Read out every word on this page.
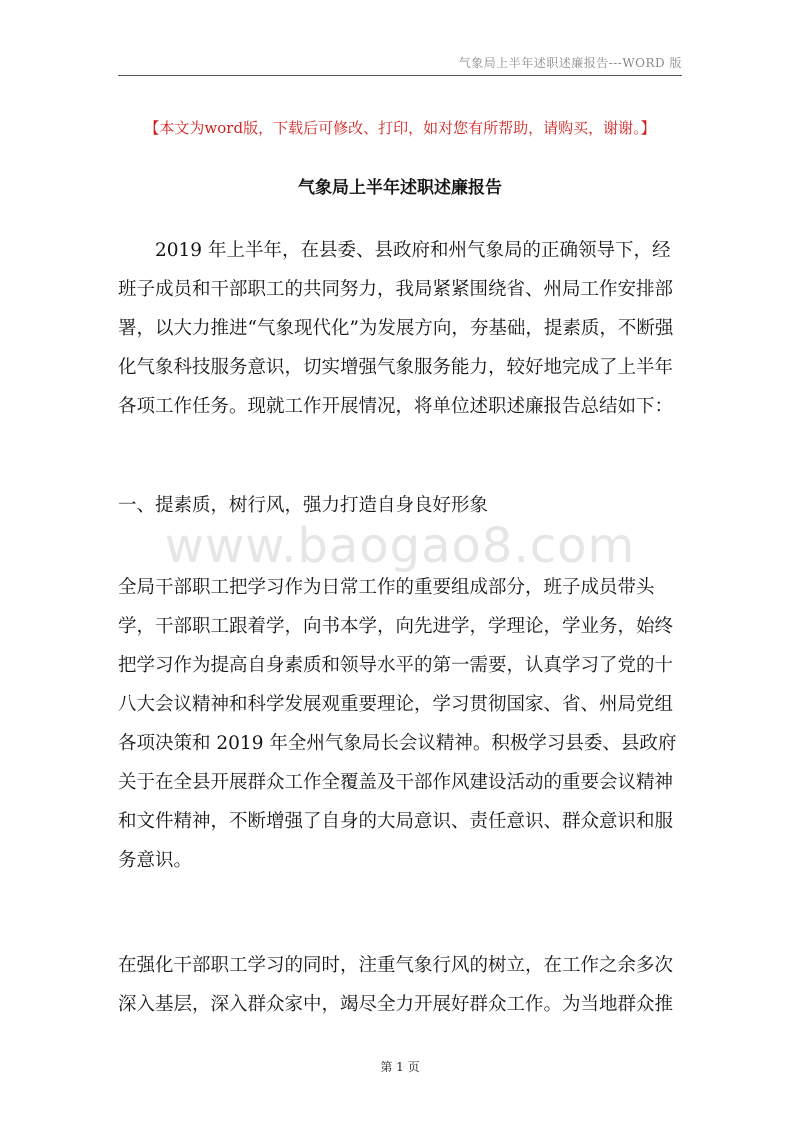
气象局上半年述职述廉报告---WORD 版
【本文为word版，下载后可修改、打印，如对您有所帮助，请购买，谢谢。】
气象局上半年述职述廉报告

2019 年上半年，在县委、县政府和州气象局的正确领导下，经班子成员和干部职工的共同努力，我局紧紧围绕省、州局工作安排部署，以大力推进“气象现代化”为发展方向，夯基础，提素质，不断强化气象科技服务意识，切实增强气象服务能力，较好地完成了上半年各项工作任务。现就工作开展情况，将单位述职述廉报告总结如下：

一、提素质，树行风，强力打造自身良好形象

www.baogao8.com

全局干部职工把学习作为日常工作的重要组成部分，班子成员带头学，干部职工跟着学，向书本学，向先进学，学理论，学业务，始终把学习作为提高自身素质和领导水平的第一需要，认真学习了党的十八大会议精神和科学发展观重要理论，学习贯彻国家、省、州局党组各项决策和 2019 年全州气象局长会议精神。积极学习县委、县政府关于在全县开展群众工作全覆盖及干部作风建设活动的重要会议精神和文件精神，不断增强了自身的大局意识、责任意识、群众意识和服务意识。

在强化干部职工学习的同时，注重气象行风的树立，在工作之余多次深入基层，深入群众家中，竭尽全力开展好群众工作。为当地群众推

第 1 页
